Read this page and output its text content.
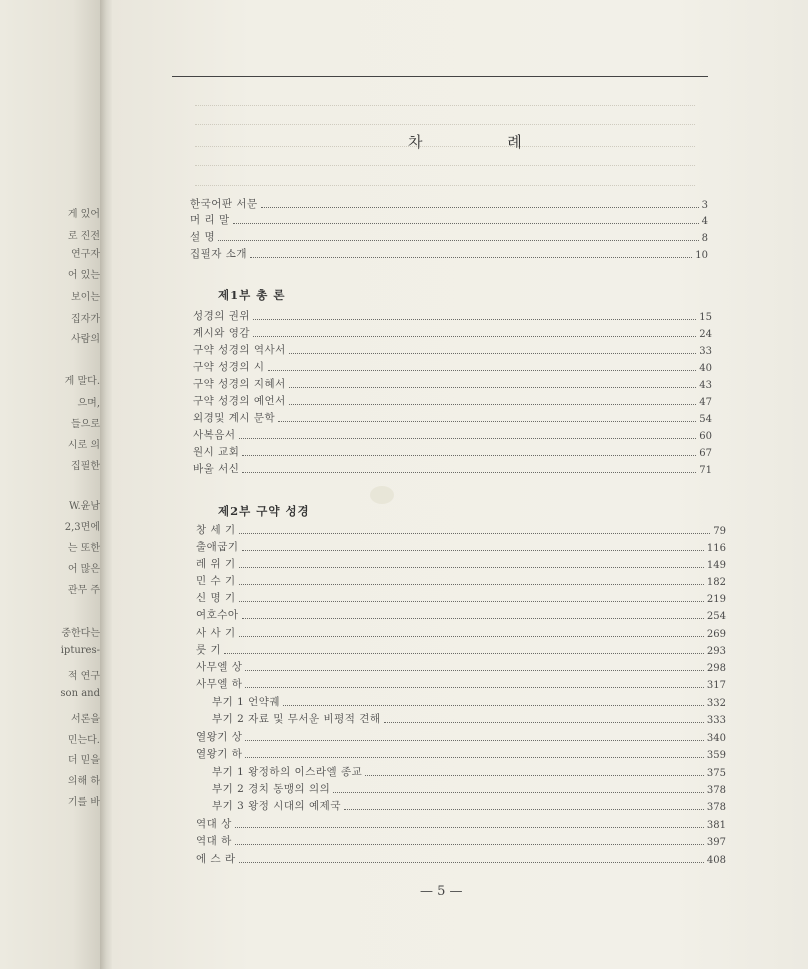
게 있어
로 진전
연구자
어 있는
보이는
집자가
사람의
게 말다.
으며,
들으로
시로 의
집필한
W.윤남
2,3면에
는 또한
어 많은
관무 주
중한다는
iptures-
적 연구
son and
서론을
민는다.
더 믿을
의해 하
기를 바
차 례
한국어판 서문	3
머 리 말	4
설 명	8
집필자 소개	10
제1부 총 론
성경의 권위	15
계시와 영감	24
구약 성경의 역사서	33
구약 성경의 시	40
구약 성경의 지혜서	43
구약 성경의 예언서	47
외경및 계시 문학	54
사복음서	60
원시 교회	67
바울 서신	71
제2부 구약 성경
창 세 기	79
출애굽기	116
레 위 기	149
민 수 기	182
신 명 기	219
여호수아	254
사 사 기	269
룻 기	293
사무엘 상	298
사무엘 하	317
부기 1 언약궤	332
부기 2 자료 및 무서운 비평적 견해	333
열왕기 상	340
열왕기 하	359
부기 1 왕정하의 이스라엘 종교	375
부기 2 경치 동맹의 의의	378
부기 3 왕정 시대의 예제국	378
역대 상	381
역대 하	397
에 스 라	408
— 5 —
